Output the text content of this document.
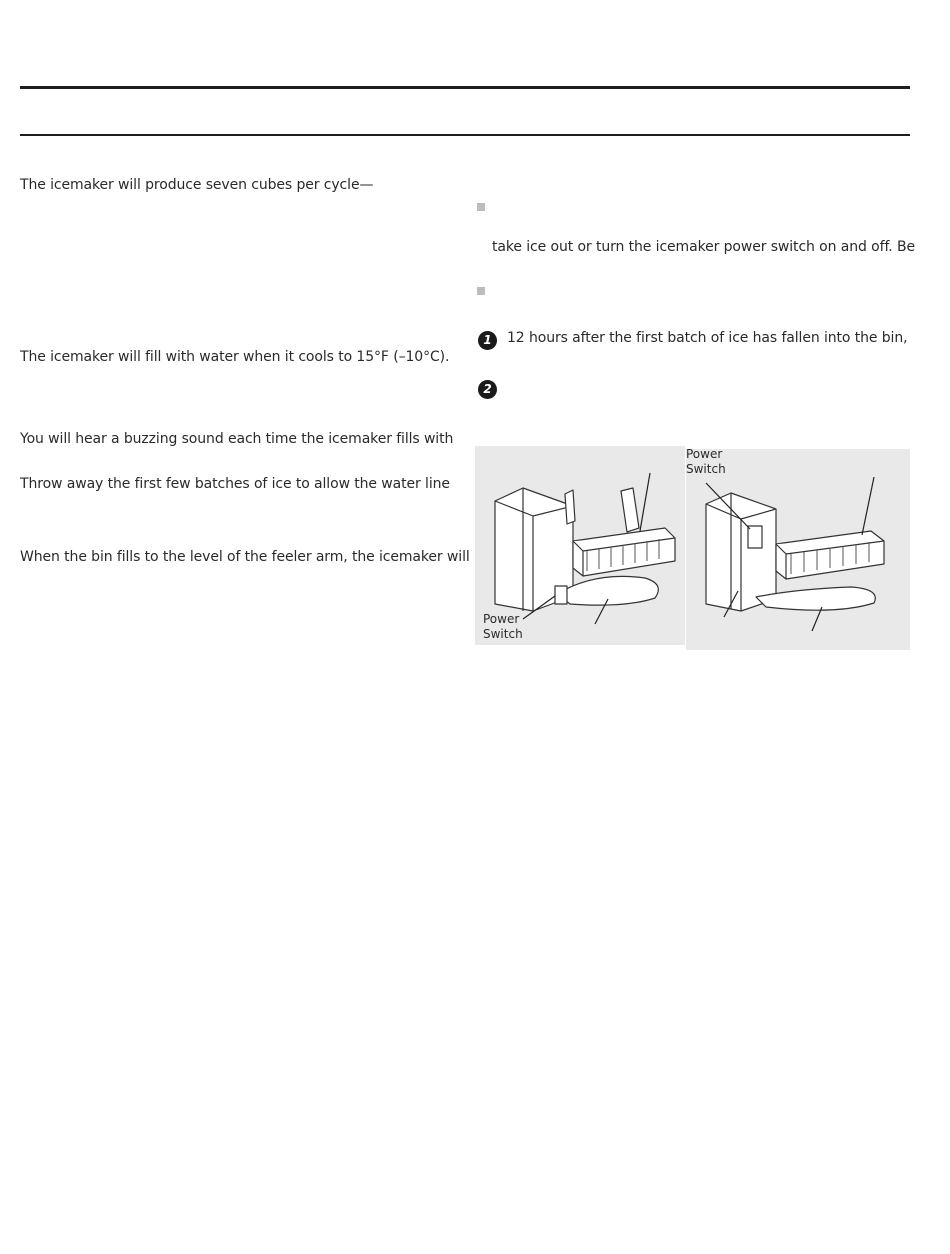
The icemaker will produce seven cubes per cycle—
The icemaker will fill with water when it cools to 15°F (–10°C).
You will hear a buzzing sound each time the icemaker fills with
Throw away the first few batches of ice to allow the water line
When the bin fills to the level of the feeler arm, the icemaker will
take ice out or turn the icemaker power switch on and off. Be
1	12 hours after the first batch of ice has fallen into the bin,
2
Power
Switch
Power
Switch
